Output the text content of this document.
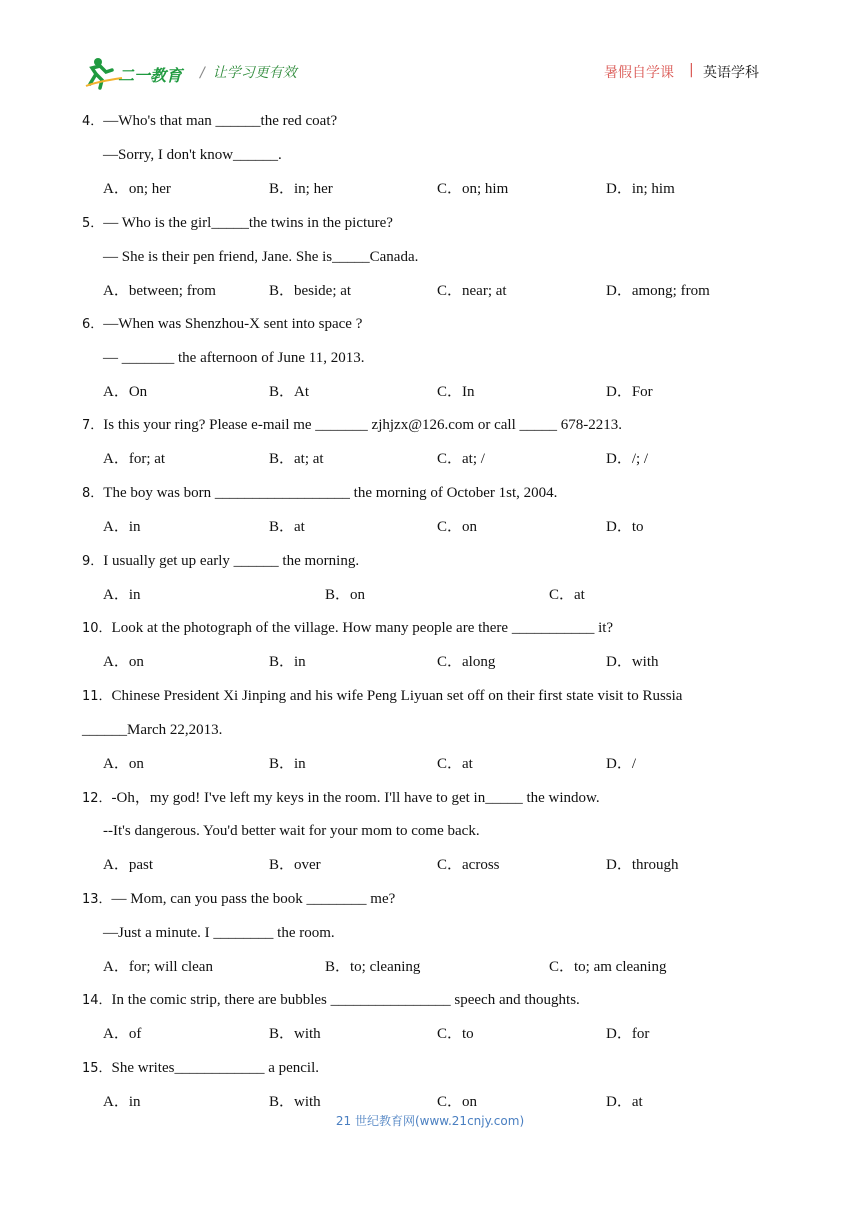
二一教育 / 让学习更有效	暑假自学课 | 英语学科
4．—Who's that man ______the red coat?
—Sorry, I don't know______.
A．on; her	B．in; her	C．on; him	D．in; him
5．— Who is the girl_____the twins in the picture?
— She is their pen friend, Jane. She is_____Canada.
A．between; from	B．beside; at	C．near; at	D．among; from
6．—When was Shenzhou-X sent into space ?
— _______ the afternoon of June 11, 2013.
A．On	B．At	C．In	D．For
7．Is this your ring? Please e-mail me _______ zjhjzx@126.com or call _____ 678-2213.
A．for; at	B．at; at	C．at; /	D．/; /
8．The boy was born __________________ the morning of October 1st, 2004.
A．in	B．at	C．on	D．to
9．I usually get up early ______ the morning.
A．in	B．on	C．at
10．Look at the photograph of the village. How many people are there ___________ it?
A．on	B．in	C．along	D．with
11．Chinese President Xi Jinping and his wife Peng Liyuan set off on their first state visit to Russia
______March 22,2013.
A．on	B．in	C．at	D．/
12．-Oh，my god! I've left my keys in the room. I'll have to get in_____ the window.
--It's dangerous. You'd better wait for your mom to come back.
A．past	B．over	C．across	D．through
13．— Mom, can you pass the book ________ me?
—Just a minute. I ________ the room.
A．for; will clean	B．to; cleaning	C．to; am cleaning
14．In the comic strip, there are bubbles ________________ speech and thoughts.
A．of	B．with	C．to	D．for
15．She writes____________ a pencil.
A．in	B．with	C．on	D．at
21 世纪教育网(www.21cnjy.com)
